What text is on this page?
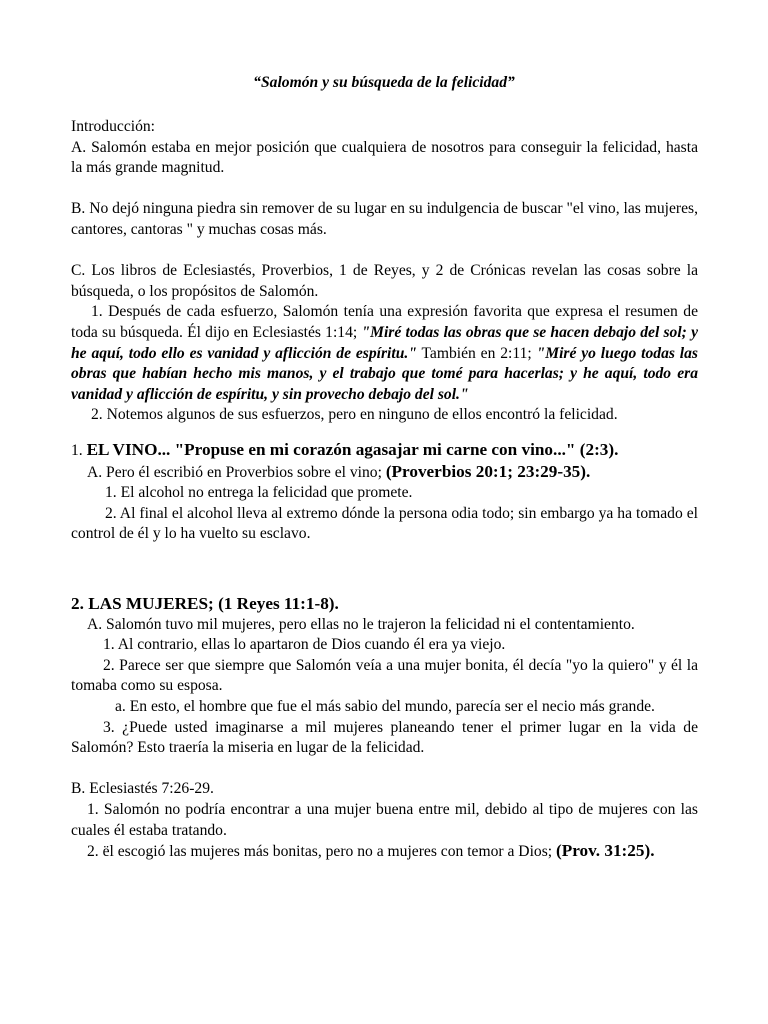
“Salomón y su búsqueda de la felicidad”

Introducción:

A. Salomón estaba en mejor posición que cualquiera de nosotros para conseguir la felicidad, hasta la más grande magnitud.

B. No dejó ninguna piedra sin remover de su lugar en su indulgencia de buscar "el vino, las mujeres, cantores, cantoras " y muchas cosas más.

C. Los libros de Eclesiastés, Proverbios, 1 de Reyes, y 2 de Crónicas revelan las cosas sobre la búsqueda, o los propósitos de Salomón.

1. Después de cada esfuerzo, Salomón tenía una expresión favorita que expresa el resumen de toda su búsqueda. Él dijo en Eclesiastés 1:14; "Miré todas las obras que se hacen debajo del sol; y he aquí, todo ello es vanidad y aflicción de espíritu." También en 2:11; "Miré yo luego todas las obras que habían hecho mis manos, y el trabajo que tomé para hacerlas; y he aquí, todo era vanidad y aflicción de espíritu, y sin provecho debajo del sol."

2. Notemos algunos de sus esfuerzos, pero en ninguno de ellos encontró la felicidad.

1. EL VINO... "Propuse en mi corazón agasajar mi carne con vino..." (2:3).

A. Pero él escribió en Proverbios sobre el vino; (Proverbios 20:1; 23:29-35).

1. El alcohol no entrega la felicidad que promete.

2. Al final el alcohol lleva al extremo dónde la persona odia todo; sin embargo ya ha tomado el control de él y lo ha vuelto su esclavo.

2. LAS MUJERES; (1 Reyes 11:1-8).

A. Salomón tuvo mil mujeres, pero ellas no le trajeron la felicidad ni el contentamiento.

1. Al contrario, ellas lo apartaron de Dios cuando él era ya viejo.

2. Parece ser que siempre que Salomón veía a una mujer bonita, él decía "yo la quiero" y él la tomaba como su esposa.

a. En esto, el hombre que fue el más sabio del mundo, parecía ser el necio más grande.

3. ¿Puede usted imaginarse a mil mujeres planeando tener el primer lugar en la vida de Salomón? Esto traería la miseria en lugar de la felicidad.

B. Eclesiastés 7:26-29.

1. Salomón no podría encontrar a una mujer buena entre mil, debido al tipo de mujeres con las cuales él estaba tratando.

2. ël escogió las mujeres más bonitas, pero no a mujeres con temor a Dios; (Prov. 31:25).
